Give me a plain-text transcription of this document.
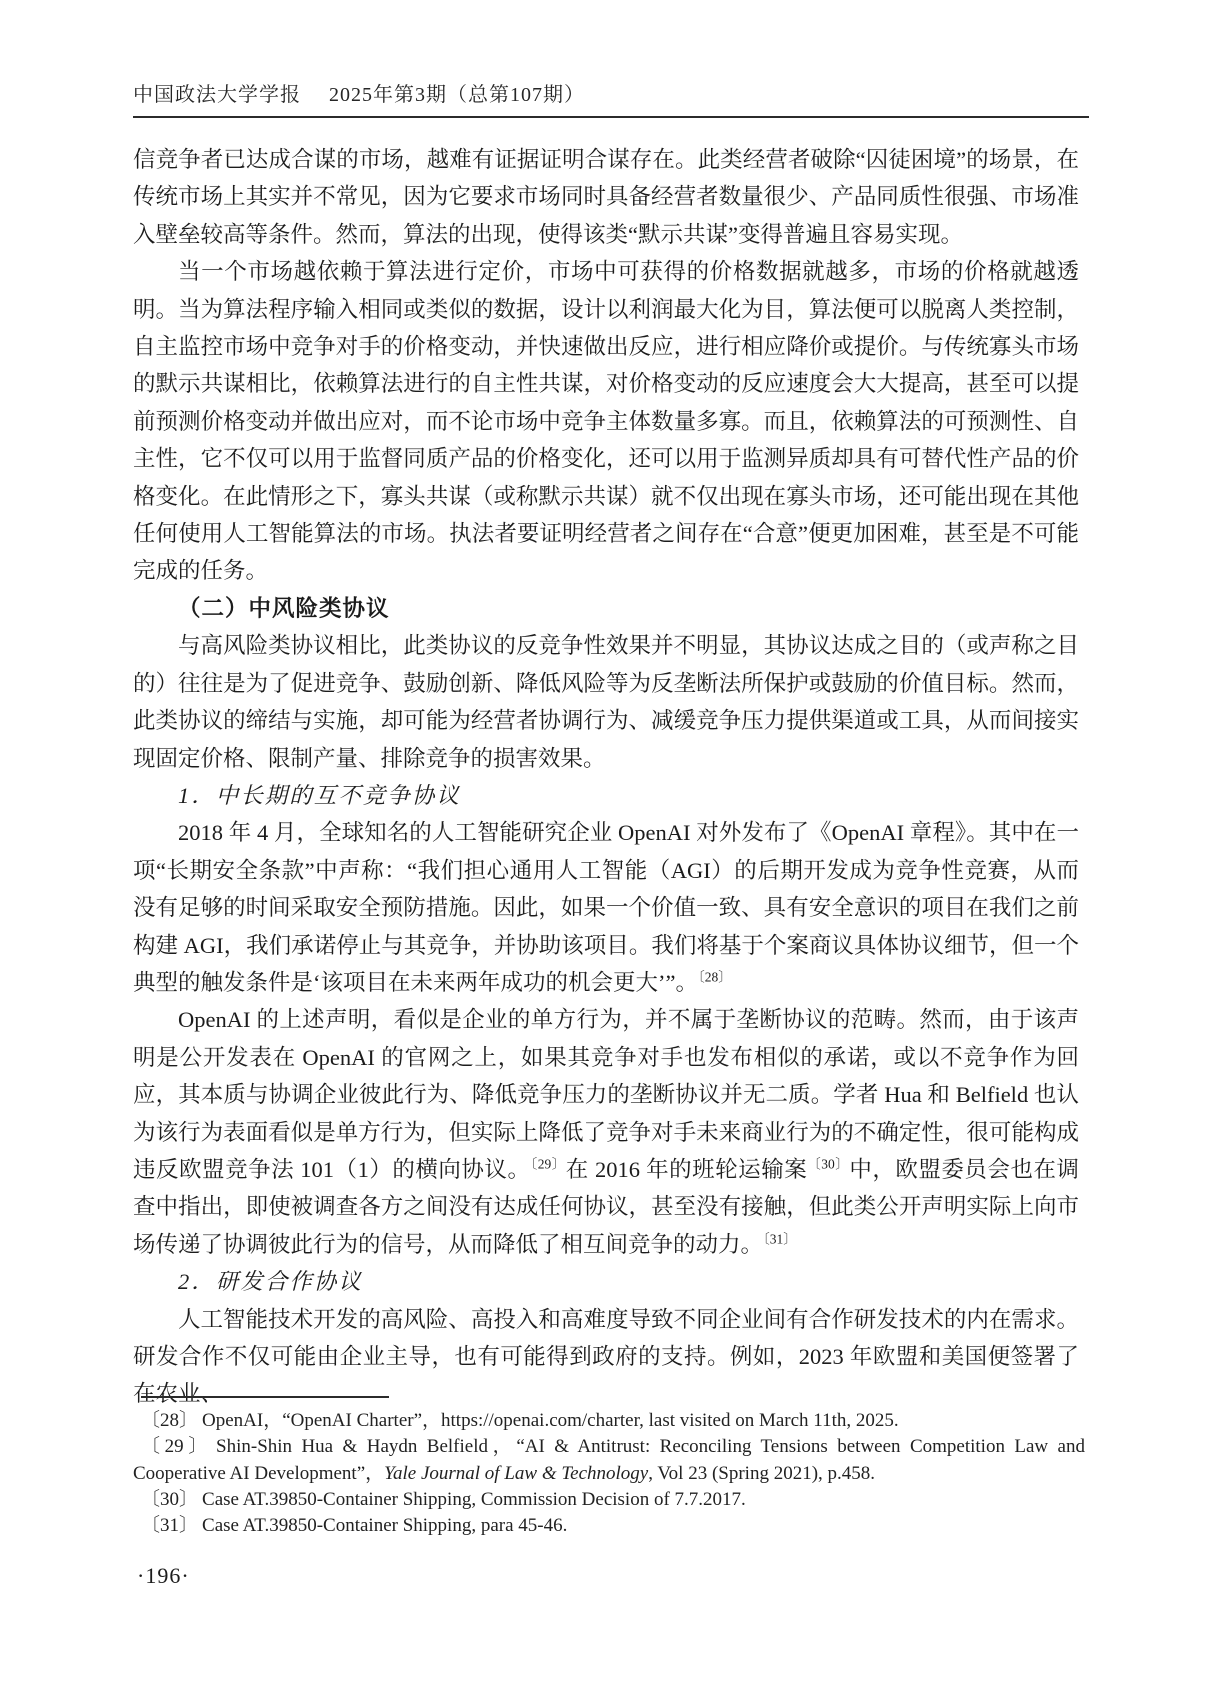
中国政法大学学报 2025年第3期（总第107期）

信竞争者已达成合谋的市场，越难有证据证明合谋存在。此类经营者破除“囚徒困境”的场景，在传统市场上其实并不常见，因为它要求市场同时具备经营者数量很少、产品同质性很强、市场准入壁垒较高等条件。然而，算法的出现，使得该类“默示共谋”变得普遍且容易实现。

当一个市场越依赖于算法进行定价，市场中可获得的价格数据就越多，市场的价格就越透明。当为算法程序输入相同或类似的数据，设计以利润最大化为目，算法便可以脱离人类控制，自主监控市场中竞争对手的价格变动，并快速做出反应，进行相应降价或提价。与传统寡头市场的默示共谋相比，依赖算法进行的自主性共谋，对价格变动的反应速度会大大提高，甚至可以提前预测价格变动并做出应对，而不论市场中竞争主体数量多寡。而且，依赖算法的可预测性、自主性，它不仅可以用于监督同质产品的价格变化，还可以用于监测异质却具有可替代性产品的价格变化。在此情形之下，寡头共谋（或称默示共谋）就不仅出现在寡头市场，还可能出现在其他任何使用人工智能算法的市场。执法者要证明经营者之间存在“合意”便更加困难，甚至是不可能完成的任务。

（二）中风险类协议

与高风险类协议相比，此类协议的反竞争性效果并不明显，其协议达成之目的（或声称之目的）往往是为了促进竞争、鼓励创新、降低风险等为反垄断法所保护或鼓励的价值目标。然而，此类协议的缔结与实施，却可能为经营者协调行为、减缓竞争压力提供渠道或工具，从而间接实现固定价格、限制产量、排除竞争的损害效果。

1．中长期的互不竞争协议

2018 年 4 月，全球知名的人工智能研究企业 OpenAI 对外发布了《OpenAI 章程》。其中在一项“长期安全条款”中声称：“我们担心通用人工智能（AGI）的后期开发成为竞争性竞赛，从而没有足够的时间采取安全预防措施。因此，如果一个价值一致、具有安全意识的项目在我们之前构建 AGI，我们承诺停止与其竞争，并协助该项目。我们将基于个案商议具体协议细节，但一个典型的触发条件是‘该项目在未来两年成功的机会更大’”。$^{〔28〕}$

OpenAI 的上述声明，看似是企业的单方行为，并不属于垄断协议的范畴。然而，由于该声明是公开发表在 OpenAI 的官网之上，如果其竞争对手也发布相似的承诺，或以不竞争作为回应，其本质与协调企业彼此行为、降低竞争压力的垄断协议并无二质。学者 Hua 和 Belfield 也认为该行为表面看似是单方行为，但实际上降低了竞争对手未来商业行为的不确定性，很可能构成违反欧盟竞争法 101（1）的横向协议。$^{〔29〕}$在 2016 年的班轮运输案$^{〔30〕}$中，欧盟委员会也在调查中指出，即使被调查各方之间没有达成任何协议，甚至没有接触，但此类公开声明实际上向市场传递了协调彼此行为的信号，从而降低了相互间竞争的动力。$^{〔31〕}$

2．研发合作协议

人工智能技术开发的高风险、高投入和高难度导致不同企业间有合作研发技术的内在需求。研发合作不仅可能由企业主导，也有可能得到政府的支持。例如，2023 年欧盟和美国便签署了在农业、

〔28〕 OpenAI，“OpenAI Charter”，https://openai.com/charter, last visited on March 11th, 2025.

〔29〕 Shin-Shin Hua & Haydn Belfield，“AI & Antitrust: Reconciling Tensions between Competition Law and Cooperative AI Development”，Yale Journal of Law & Technology, Vol 23 (Spring 2021), p.458.

〔30〕 Case AT.39850-Container Shipping, Commission Decision of 7.7.2017.

〔31〕 Case AT.39850-Container Shipping, para 45-46.

·196·
